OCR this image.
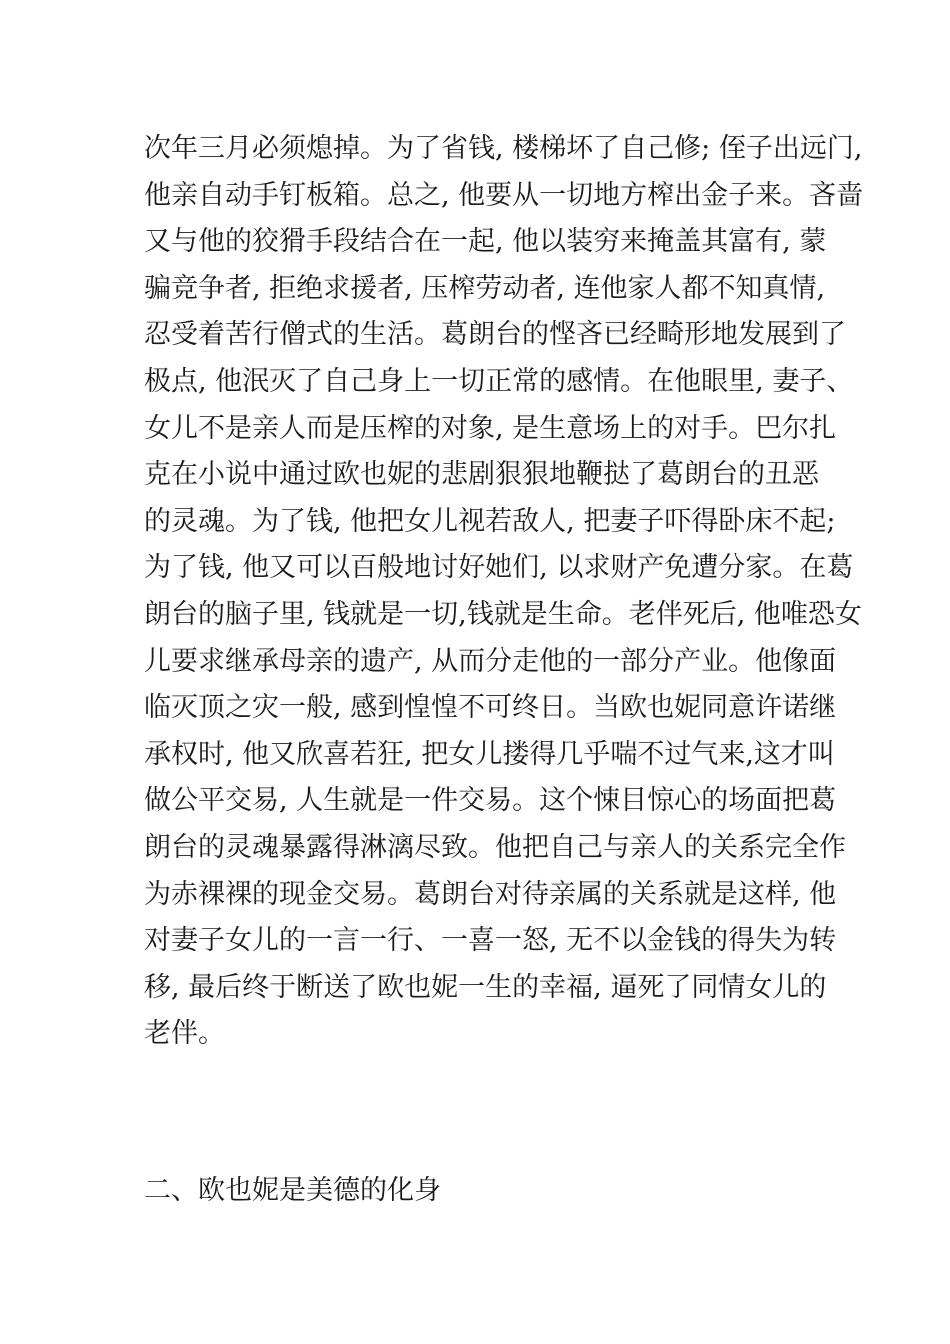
次年三月必须熄掉。为了省钱, 楼梯坏了自己修; 侄子出远门,
他亲自动手钉板箱。总之, 他要从一切地方榨出金子来。吝啬
又与他的狡猾手段结合在一起, 他以装穷来掩盖其富有, 蒙
骗竞争者, 拒绝求援者, 压榨劳动者, 连他家人都不知真情,
忍受着苦行僧式的生活。葛朗台的悭吝已经畸形地发展到了
极点, 他泯灭了自己身上一切正常的感情。在他眼里, 妻子、
女儿不是亲人而是压榨的对象, 是生意场上的对手。巴尔扎
克在小说中通过欧也妮的悲剧狠狠地鞭挞了葛朗台的丑恶
的灵魂。为了钱, 他把女儿视若敌人, 把妻子吓得卧床不起;
为了钱, 他又可以百般地讨好她们, 以求财产免遭分家。在葛
朗台的脑子里, 钱就是一切,钱就是生命。老伴死后, 他唯恐女
儿要求继承母亲的遗产, 从而分走他的一部分产业。他像面
临灭顶之灾一般, 感到惶惶不可终日。当欧也妮同意许诺继
承权时, 他又欣喜若狂, 把女儿搂得几乎喘不过气来,这才叫
做公平交易, 人生就是一件交易。这个悚目惊心的场面把葛
朗台的灵魂暴露得淋漓尽致。他把自己与亲人的关系完全作
为赤裸裸的现金交易。葛朗台对待亲属的关系就是这样, 他
对妻子女儿的一言一行、一喜一怒, 无不以金钱的得失为转
移, 最后终于断送了欧也妮一生的幸福, 逼死了同情女儿的
老伴。
二、欧也妮是美德的化身
